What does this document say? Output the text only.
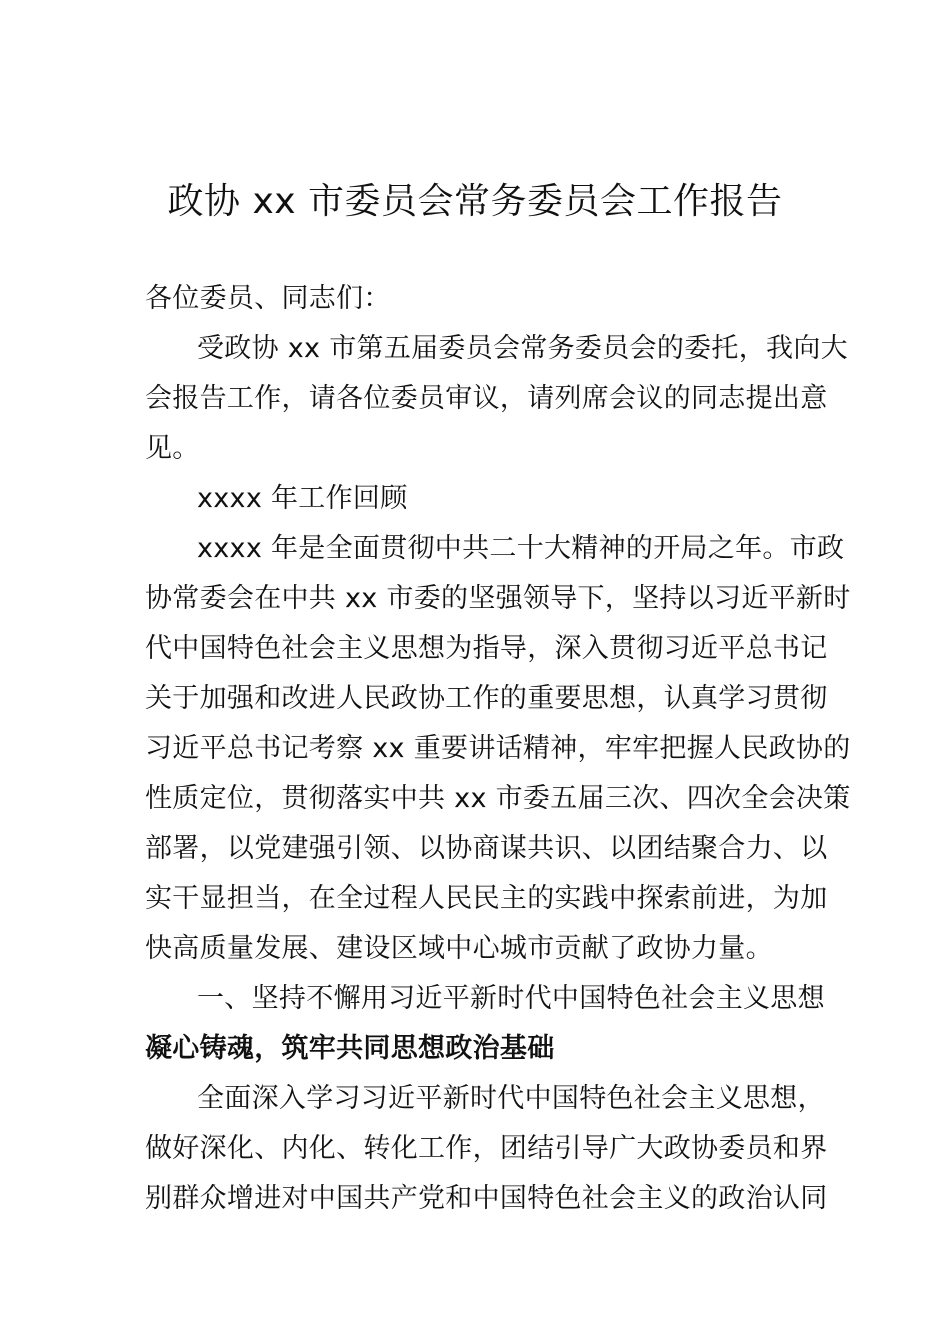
政协 xx 市委员会常务委员会工作报告
各位委员、同志们：
受政协 xx 市第五届委员会常务委员会的委托，我向大
会报告工作，请各位委员审议，请列席会议的同志提出意
见。
xxxx 年工作回顾
xxxx 年是全面贯彻中共二十大精神的开局之年。市政
协常委会在中共 xx 市委的坚强领导下，坚持以习近平新时
代中国特色社会主义思想为指导，深入贯彻习近平总书记
关于加强和改进人民政协工作的重要思想，认真学习贯彻
习近平总书记考察 xx 重要讲话精神，牢牢把握人民政协的
性质定位，贯彻落实中共 xx 市委五届三次、四次全会决策
部署，以党建强引领、以协商谋共识、以团结聚合力、以
实干显担当，在全过程人民民主的实践中探索前进，为加
快高质量发展、建设区域中心城市贡献了政协力量。
一、坚持不懈用习近平新时代中国特色社会主义思想
凝心铸魂，筑牢共同思想政治基础
全面深入学习习近平新时代中国特色社会主义思想，
做好深化、内化、转化工作，团结引导广大政协委员和界
别群众增进对中国共产党和中国特色社会主义的政治认同
